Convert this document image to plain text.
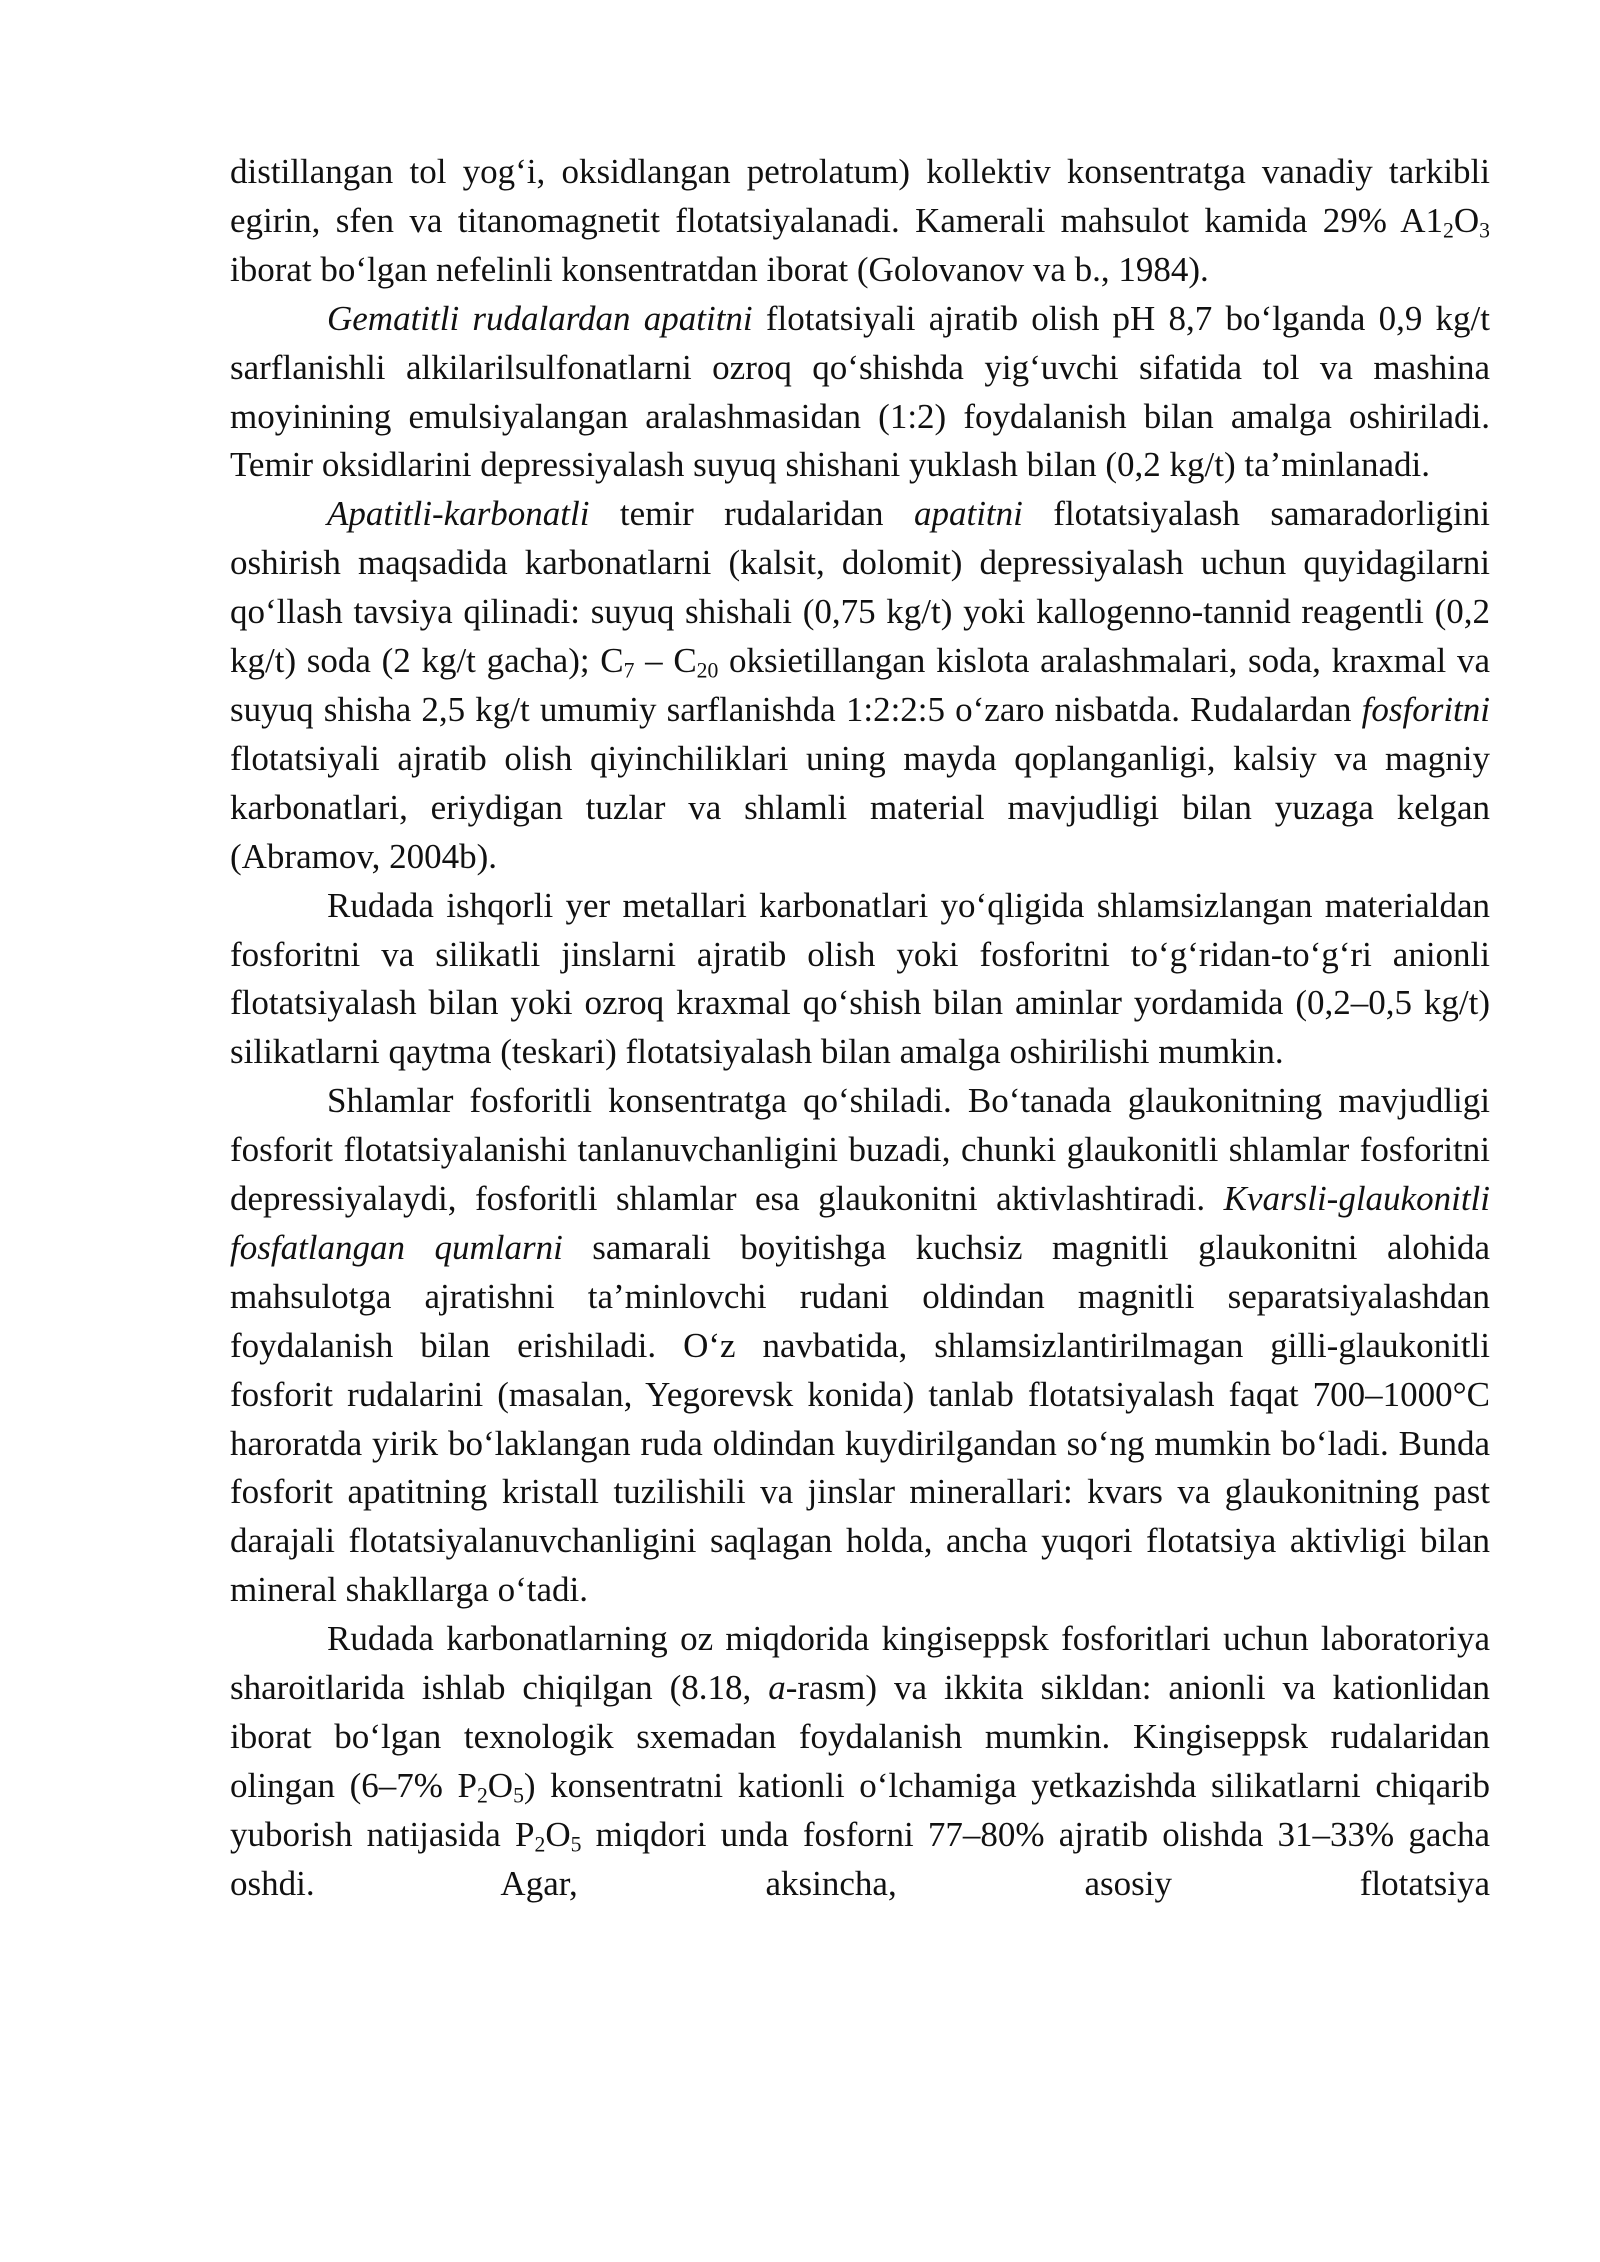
distillangan tol yog‘i, oksidlangan petrolatum) kollektiv konsentratga vanadiy tarkibli egirin, sfen va titanomagnetit flotatsiyalanadi. Kamerali mahsulot kamida 29% $A1_2O_3$ iborat bo‘lgan nefelinli konsentratdan iborat (Golovanov va b., 1984).

Gematitli rudalardan apatitni flotatsiyali ajratib olish pH 8,7 bo‘lganda 0,9 kg/t sarflanishli alkilarilsulfonatlarni ozroq qo‘shishda yig‘uvchi sifatida tol va mashina moyinining emulsiyalangan aralashmasidan (1:2) foydalanish bilan amalga oshiriladi. Temir oksidlarini depressiyalash suyuq shishani yuklash bilan (0,2 kg/t) ta’minlanadi.

Apatitli-karbonatli temir rudalaridan apatitni flotatsiyalash samaradorligini oshirish maqsadida karbonatlarni (kalsit, dolomit) depressiyalash uchun quyidagilarni qo‘llash tavsiya qilinadi: suyuq shishali (0,75 kg/t) yoki kallogenno-tannid reagentli (0,2 kg/t) soda (2 kg/t gacha); $C_7 - C_{20}$ oksietillangan kislota aralashmalari, soda, kraxmal va suyuq shisha 2,5 kg/t umumiy sarflanishda 1:2:2:5 o‘zaro nisbatda. Rudalardan fosforitni flotatsiyali ajratib olish qiyinchiliklari uning mayda qoplanganligi, kalsiy va magniy karbonatlari, eriydigan tuzlar va shlamli material mavjudligi bilan yuzaga kelgan (Abramov, 2004b).

Rudada ishqorli yer metallari karbonatlari yo‘qligida shlamsizlangan materialdan fosforitni va silikatli jinslarni ajratib olish yoki fosforitni to‘g‘ridan-to‘g‘ri anionli flotatsiyalash bilan yoki ozroq kraxmal qo‘shish bilan aminlar yordamida (0,2–0,5 kg/t) silikatlarni qaytma (teskari) flotatsiyalash bilan amalga oshirilishi mumkin.

Shlamlar fosforitli konsentratga qo‘shiladi. Bo‘tanada glaukonitning mavjudligi fosforit flotatsiyalanishi tanlanuvchanligini buzadi, chunki glaukonitli shlamlar fosforitni depressiyalaydi, fosforitli shlamlar esa glaukonitni aktivlashtiradi. Kvarsli-glaukonitli fosfatlangan qumlarni samarali boyitishga kuchsiz magnitli glaukonitni alohida mahsulotga ajratishni ta’minlovchi rudani oldindan magnitli separatsiyalashdan foydalanish bilan erishiladi. O‘z navbatida, shlamsizlantirilmagan gilli-glaukonitli fosforit rudalarini (masalan, Yegorevsk konida) tanlab flotatsiyalash faqat 700–1000°C haroratda yirik bo‘laklangan ruda oldindan kuydirilgandan so‘ng mumkin bo‘ladi. Bunda fosforit apatitning kristall tuzilishili va jinslar minerallari: kvars va glaukonitning past darajali flotatsiyalanuvchanligini saqlagan holda, ancha yuqori flotatsiya aktivligi bilan mineral shakllarga o‘tadi.

Rudada karbonatlarning oz miqdorida kingiseppsk fosforitlari uchun laboratoriya sharoitlarida ishlab chiqilgan (8.18, a-rasm) va ikkita sikldan: anionli va kationlidan iborat bo‘lgan texnologik sxemadan foydalanish mumkin. Kingiseppsk rudalaridan olingan (6–7% $P_2O_5$) konsentratni kationli o‘lchamiga yetkazishda silikatlarni chiqarib yuborish natijasida $P_2O_5$ miqdori unda fosforni 77–80% ajratib olishda 31–33% gacha oshdi. Agar, aksincha, asosiy flotatsiya
